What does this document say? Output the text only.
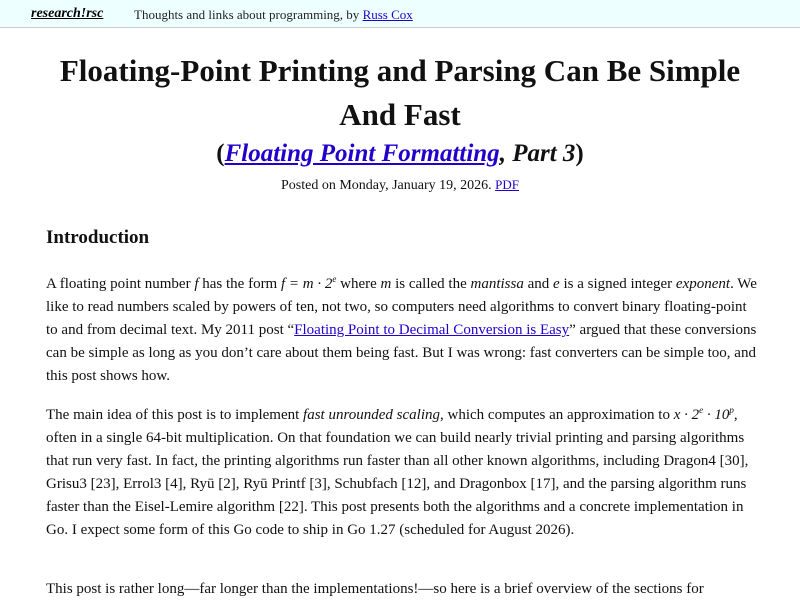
research!rsc Thoughts and links about programming, by Russ Cox
Floating-Point Printing and Parsing Can Be Simple And Fast
(Floating Point Formatting, Part 3)
Posted on Monday, January 19, 2026. PDF
Introduction

A floating point number f has the form $f = m \cdot 2^e$ where m is called the mantissa and e is a signed integer exponent. We like to read numbers scaled by powers of ten, not two, so computers need algorithms to convert binary floating-point to and from decimal text. My 2011 post “Floating Point to Decimal Conversion is Easy” argued that these conversions can be simple as long as you don’t care about them being fast. But I was wrong: fast converters can be simple too, and this post shows how.

The main idea of this post is to implement fast unrounded scaling, which computes an approximation to $x \cdot 2^e \cdot 10^p$, often in a single 64-bit multiplication. On that foundation we can build nearly trivial printing and parsing algorithms that run very fast. In fact, the printing algorithms run faster than all other known algorithms, including Dragon4 [30], Grisu3 [23], Errol3 [4], Ryū [2], Ryū Printf [3], Schubfach [12], and Dragonbox [17], and the parsing algorithm runs faster than the Eisel-Lemire algorithm [22]. This post presents both the algorithms and a concrete implementation in Go. I expect some form of this Go code to ship in Go 1.27 (scheduled for August 2026).

This post is rather long—far longer than the implementations!—so here is a brief overview of the sections for
